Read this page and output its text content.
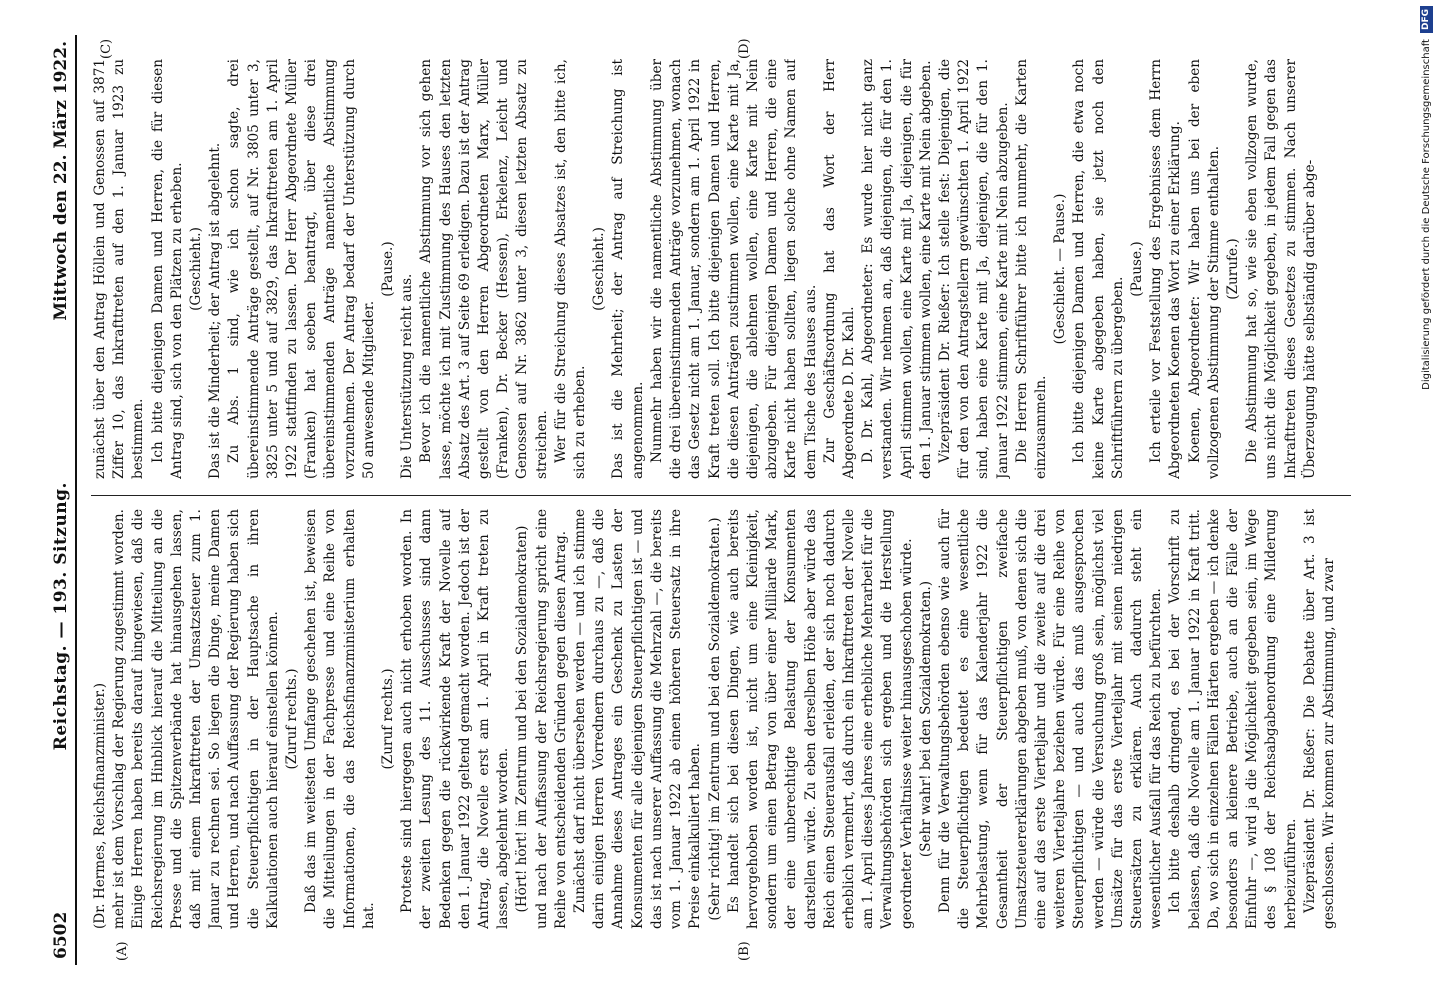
6502
Reichstag. — 193. Sitzung.
Mittwoch den 22. März 1922.
(A)	(B)
(C)	(D)

(Dr. Hermes, Reichsfinanzminister.) mehr ist dem Vorschlag der Regierung zugestimmt worden. Einige Herren haben bereits darauf hingewiesen, daß die Reichsregierung im Hinblick hierauf die Mitteilung an die Presse und die Spitzenverbände hat hinausgehen lassen, daß mit einem Inkrafttreten der Umsatzsteuer zum 1. Januar zu rechnen sei. So liegen die Dinge, meine Damen und Herren, und nach Auffassung der Regierung haben sich die Steuerpflichtigen in der Hauptsache in ihren Kalkulationen auch hierauf einstellen können. (Zuruf rechts.) Daß das im weitesten Umfange geschehen ist, beweisen die Mitteilungen in der Fachpresse und eine Reihe von Informationen, die das Reichsfinanzministerium erhalten hat.

(Zuruf rechts.) Proteste sind hiergegen auch nicht erhoben worden. In der zweiten Lesung des 11. Ausschusses sind dann Bedenken gegen die rückwirkende Kraft der Novelle auf den 1. Januar 1922 geltend gemacht worden. Jedoch ist der Antrag, die Novelle erst am 1. April in Kraft treten zu lassen, abgelehnt worden. (Hört! hört! im Zentrum und bei den Sozialdemokraten) und nach der Auffassung der Reichsregierung spricht eine Reihe von entscheidenden Gründen gegen diesen Antrag. Zunächst darf nicht übersehen werden — und ich stimme darin einigen Herren Vorrednern durchaus zu —, daß die Annahme dieses Antrages ein Geschenk zu Lasten der Konsumenten für alle diejenigen Steuerpflichtigen ist — und das ist nach unserer Auffassung die Mehrzahl —, die bereits vom 1. Januar 1922 ab einen höheren Steuersatz in ihre Preise einkalkuliert haben. (Sehr richtig! im Zentrum und bei den Sozialdemokraten.) Es handelt sich bei diesen Dingen, wie auch bereits hervorgehoben worden ist, nicht um eine Kleinigkeit, sondern um einen Betrag von über einer Milliarde Mark, der eine unberechtigte Belastung der Konsumenten darstellen würde. Zu eben derselben Höhe aber würde das Reich einen Steuerausfall erleiden, der sich noch dadurch erheblich vermehrt, daß durch ein Inkrafttreten der Novelle am 1. April dieses Jahres eine erhebliche Mehrarbeit für die Verwaltungsbehörden sich ergeben und die Herstellung geordneter Verhältnisse weiter hinausgeschoben würde. (Sehr wahr! bei den Sozialdemokraten.) Denn für die Verwaltungsbehörden ebenso wie auch für die Steuerpflichtigen bedeutet es eine wesentliche Mehrbelastung, wenn für das Kalenderjahr 1922 die Gesamtheit der Steuerpflichtigen zweifache Umsatzsteuererklärungen abgeben muß, von denen sich die eine auf das erste Vierteljahr und die zweite auf die drei weiteren Vierteljahre beziehen würde. Für eine Reihe von Steuerpflichtigen — und auch das muß ausgesprochen werden — würde die Versuchung groß sein, möglichst viel Umsätze für das erste Vierteljahr mit seinen niedrigen Steuersätzen zu erklären. Auch dadurch steht ein wesentlicher Ausfall für das Reich zu befürchten. Ich bitte deshalb dringend, es bei der Vorschrift zu belassen, daß die Novelle am 1. Januar 1922 in Kraft tritt. Da, wo sich in einzelnen Fällen Härten ergeben — ich denke besonders an kleinere Betriebe, auch an die Fälle der Einfuhr —, wird ja die Möglichkeit gegeben sein, im Wege des § 108 der Reichsabgabenordnung eine Milderung herbeizuführen. Vizepräsident Dr. Rießer: Die Debatte über Art. 3 ist geschlossen. Wir kommen zur Abstimmung, und zwar

zunächst über den Antrag Höllein und Genossen auf 3871 Ziffer 10, das Inkrafttreten auf den 1. Januar 1923 zu bestimmen. Ich bitte diejenigen Damen und Herren, die für diesen Antrag sind, sich von den Plätzen zu erheben. (Geschieht.) Das ist die Minderheit; der Antrag ist abgelehnt. Zu Abs. 1 sind, wie ich schon sagte, drei übereinstimmende Anträge gestellt, auf Nr. 3805 unter 3, 3825 unter 5 und auf 3829, das Inkrafttreten am 1. April 1922 stattfinden zu lassen. Der Herr Abgeordnete Müller (Franken) hat soeben beantragt, über diese drei übereinstimmenden Anträge namentliche Abstimmung vorzunehmen. Der Antrag bedarf der Unterstützung durch 50 anwesende Mitglieder.

(Pause.)

Die Unterstützung reicht aus. Bevor ich die namentliche Abstimmung vor sich gehen lasse, möchte ich mit Zustimmung des Hauses den letzten Absatz des Art. 3 auf Seite 69 erledigen. Dazu ist der Antrag gestellt von den Herren Abgeordneten Marx, Müller (Franken), Dr. Becker (Hessen), Erkelenz, Leicht und Genossen auf Nr. 3862 unter 3, diesen letzten Absatz zu streichen. Wer für die Streichung dieses Absatzes ist, den bitte ich, sich zu erheben.

(Geschieht.) Das ist die Mehrheit; der Antrag auf Streichung ist angenommen. Nunmehr haben wir die namentliche Abstimmung über die drei übereinstimmenden Anträge vorzunehmen, wonach das Gesetz nicht am 1. Januar, sondern am 1. April 1922 in Kraft treten soll. Ich bitte diejenigen Damen und Herren, die diesen Anträgen zustimmen wollen, eine Karte mit Ja, diejenigen, die ablehnen wollen, eine Karte mit Nein abzugeben. Für diejenigen Damen und Herren, die eine Karte nicht haben sollten, liegen solche ohne Namen auf dem Tische des Hauses aus. Zur Geschäftsordnung hat das Wort der Herr Abgeordnete D. Dr. Kahl. D. Dr. Kahl, Abgeordneter: Es wurde hier nicht ganz verstanden. Wir nehmen an, daß diejenigen, die für den 1. April stimmen wollen, eine Karte mit Ja, diejenigen, die für den 1. Januar stimmen wollen, eine Karte mit Nein abgeben. Vizepräsident Dr. Rießer: Ich stelle fest: Diejenigen, die für den von den Antragstellern gewünschten 1. April 1922 sind, haben eine Karte mit Ja, diejenigen, die für den 1. Januar 1922 stimmen, eine Karte mit Nein abzugeben. Die Herren Schriftführer bitte ich nunmehr, die Karten einzusammeln.

(Geschieht. — Pause.) Ich bitte diejenigen Damen und Herren, die etwa noch keine Karte abgegeben haben, sie jetzt noch den Schriftführern zu übergeben.

(Pause.) Ich erteile vor Feststellung des Ergebnisses dem Herrn Abgeordneten Koenen das Wort zu einer Erklärung. Koenen, Abgeordneter: Wir haben uns bei der eben vollzogenen Abstimmung der Stimme enthalten. (Zurufe.) Die Abstimmung hat so, wie sie eben vollzogen wurde, uns nicht die Möglichkeit gegeben, in jedem Fall gegen das Inkrafttreten dieses Gesetzes zu stimmen. Nach unserer Überzeugung hätte selbständig darüber abge-	Digitalisierung gefördert durch die Deutsche Forschungsgemeinschaft
DFG
